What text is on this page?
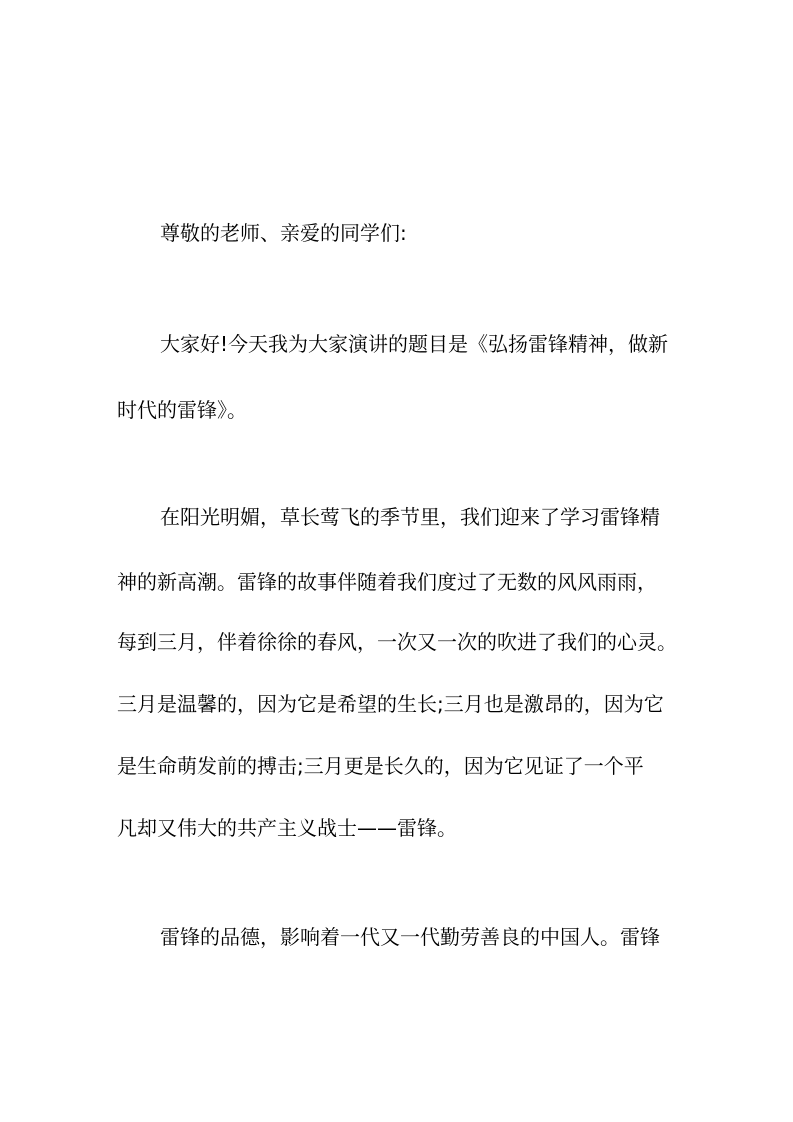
尊敬的老师、亲爱的同学们:
大家好!今天我为大家演讲的题目是《弘扬雷锋精神，做新
时代的雷锋》。
在阳光明媚，草长莺飞的季节里，我们迎来了学习雷锋精
神的新高潮。雷锋的故事伴随着我们度过了无数的风风雨雨，
每到三月，伴着徐徐的春风，一次又一次的吹进了我们的心灵。
三月是温馨的，因为它是希望的生长;三月也是激昂的，因为它
是生命萌发前的搏击;三月更是长久的，因为它见证了一个平
凡却又伟大的共产主义战士——雷锋。
雷锋的品德，影响着一代又一代勤劳善良的中国人。雷锋
